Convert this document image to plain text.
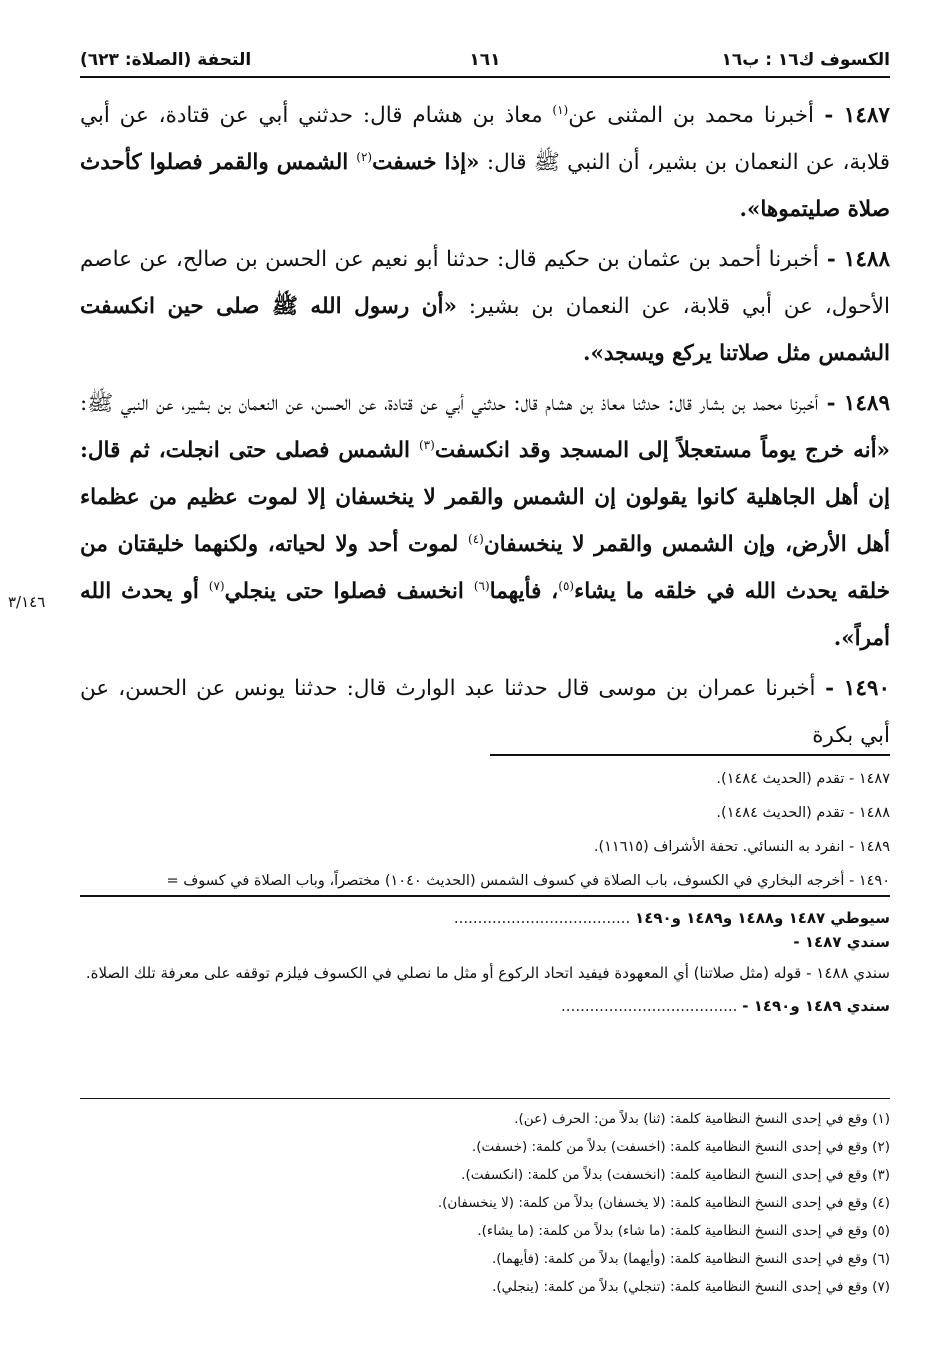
الكسوف ك١٦ : ب١٦
١٦١
التحفة (الصلاة: ٦٢٣)

١٤٨٧ - أخبرنا محمد بن المثنى عن$^{(١)}$ معاذ بن هشام قال: حدثني أبي عن قتادة، عن أبي قلابة، عن النعمان بن بشير، أن النبي ﷺ قال: «إذا خسفت$^{(٢)}$ الشمس والقمر فصلوا كأحدث صلاة صليتموها».

١٤٨٨ - أخبرنا أحمد بن عثمان بن حكيم قال: حدثنا أبو نعيم عن الحسن بن صالح، عن عاصم الأحول، عن أبي قلابة، عن النعمان بن بشير: «أن رسول الله ﷺ صلى حين انكسفت الشمس مثل صلاتنا يركع ويسجد».

١٤٨٩ - أخبرنا محمد بن بشار قال: حدثنا معاذ بن هشام قال: حدثني أبي عن قتادة، عن الحسن، عن النعمان بن بشير، عن النبي ﷺ: «أنه خرج يوماً مستعجلاً إلى المسجد وقد انكسفت$^{(٣)}$ الشمس فصلى حتى انجلت، ثم قال: إن أهل الجاهلية كانوا يقولون إن الشمس والقمر لا ينخسفان إلا لموت عظيم من عظماء أهل الأرض، وإن الشمس والقمر لا ينخسفان$^{(٤)}$ لموت أحد ولا لحياته، ولكنهما خليقتان من خلقه يحدث الله في خلقه ما يشاء$^{(٥)}$، فأيهما$^{(٦)}$ انخسف فصلوا حتى ينجلي$^{(٧)}$ أو يحدث الله أمراً».

١٤٩٠ - أخبرنا عمران بن موسى قال حدثنا عبد الوارث قال: حدثنا يونس عن الحسن، عن أبي بكرة

١٤٨٧ - تقدم (الحديث ١٤٨٤).
١٤٨٨ - تقدم (الحديث ١٤٨٤).
١٤٨٩ - انفرد به النسائي. تحفة الأشراف (١١٦١٥).
١٤٩٠ - أخرجه البخاري في الكسوف، باب الصلاة في كسوف الشمس (الحديث ١٠٤٠) مختصراً، وباب الصلاة في كسوف =
سيوطي ١٤٨٧ و١٤٨٨ و١٤٨٩ و١٤٩٠ .....................................
سندي ١٤٨٧ -
سندي ١٤٨٨ - قوله (مثل صلاتنا) أي المعهودة فيفيد اتحاد الركوع أو مثل ما نصلي في الكسوف فيلزم توقفه على معرفة تلك الصلاة.
سندي ١٤٨٩ و١٤٩٠ - .....................................
(١) وقع في إحدى النسخ النظامية كلمة: (ثنا) بدلاً من: الحرف (عن).
(٢) وقع في إحدى النسخ النظامية كلمة: (اخسفت) بدلاً من كلمة: (خسفت).
(٣) وقع في إحدى النسخ النظامية كلمة: (انخسفت) بدلاً من كلمة: (انكسفت).
(٤) وقع في إحدى النسخ النظامية كلمة: (لا يخسفان) بدلاً من كلمة: (لا ينخسفان).
(٥) وقع في إحدى النسخ النظامية كلمة: (ما شاء) بدلاً من كلمة: (ما يشاء).
(٦) وقع في إحدى النسخ النظامية كلمة: (وأيهما) بدلاً من كلمة: (فأيهما).
(٧) وقع في إحدى النسخ النظامية كلمة: (تنجلي) بدلاً من كلمة: (ينجلي).
٣/١٤٦
